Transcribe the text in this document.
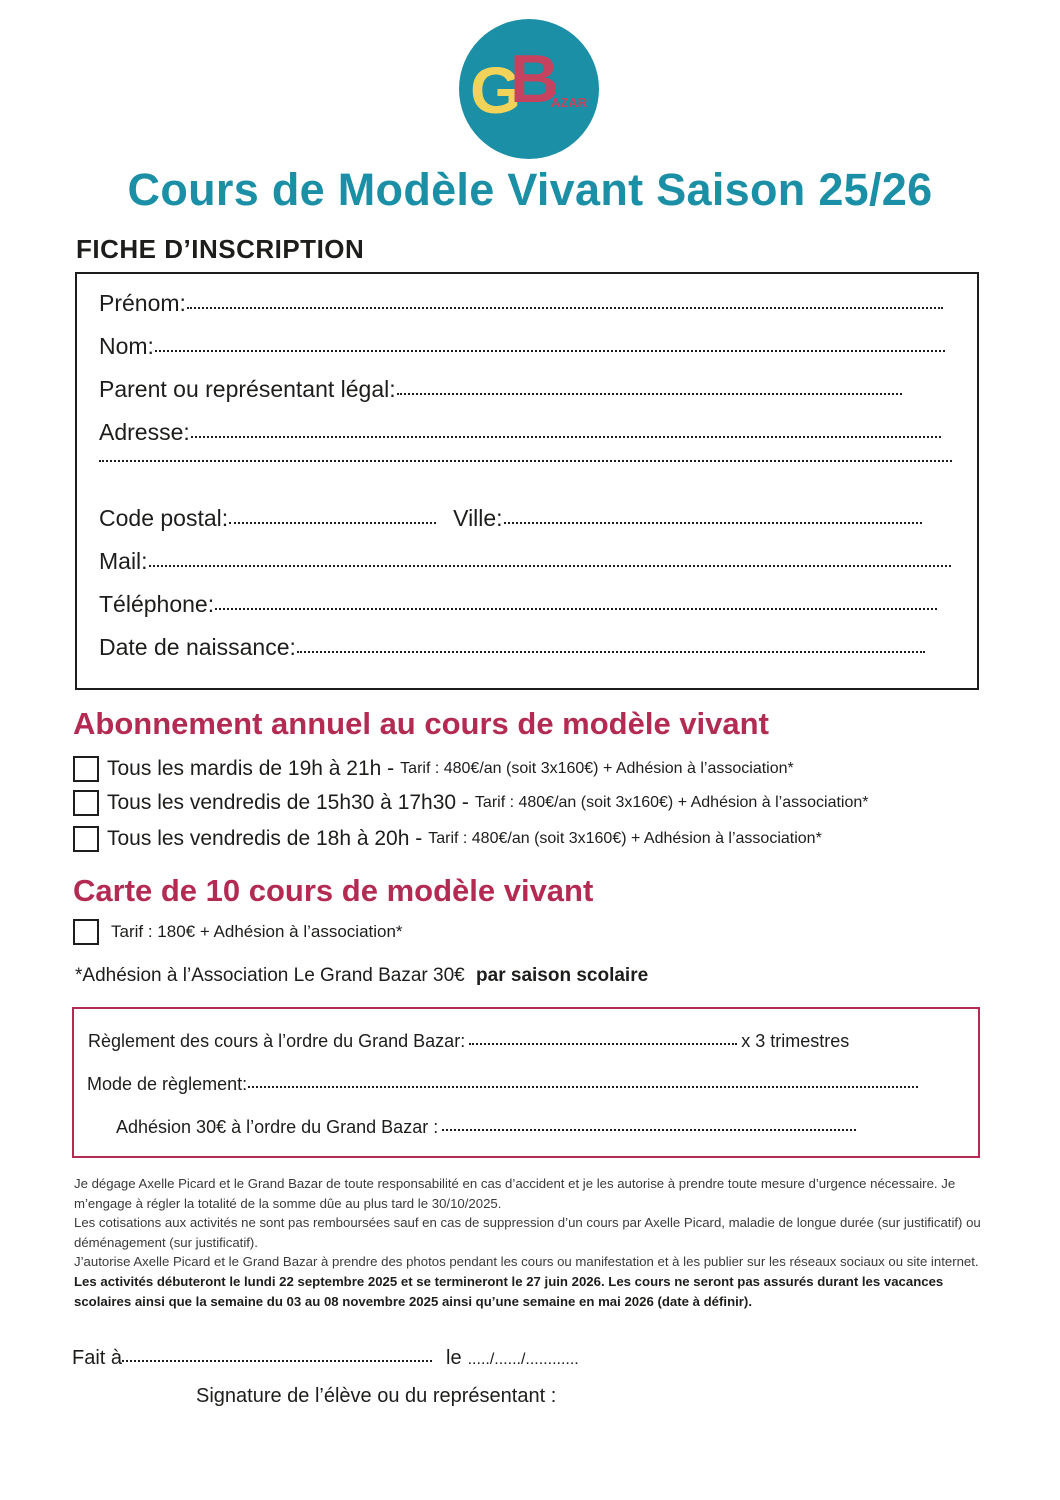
G
B
AZAR
Cours de Modèle Vivant Saison 25/26
FICHE D’INSCRIPTION
Prénom:
Nom:
Parent ou représentant légal:
Adresse:
Code postal:	Ville:
Mail:
Téléphone:
Date de naissance:
Abonnement annuel au cours de modèle vivant
Tous les mardis de 19h à 21h - Tarif : 480€/an (soit 3x160€) + Adhésion à l’association*
Tous les vendredis de 15h30 à 17h30 - Tarif : 480€/an (soit 3x160€) + Adhésion à l’association*
Tous les vendredis de 18h à 20h - Tarif : 480€/an (soit 3x160€) + Adhésion à l’association*
Carte de 10 cours de modèle vivant
Tarif : 180€ + Adhésion à l’association*
*Adhésion à l’Association Le Grand Bazar 30€ par saison scolaire
Règlement des cours à l’ordre du Grand Bazar:	x 3 trimestres
Mode de règlement:
Adhésion 30€ à l’ordre du Grand Bazar :

Je dégage Axelle Picard et le Grand Bazar de toute responsabilité en cas d’accident et je les autorise à prendre toute mesure d’urgence nécessaire. Je m’engage à régler la totalité de la somme dûe au plus tard le 30/10/2025.

Les cotisations aux activités ne sont pas remboursées sauf en cas de suppression d’un cours par Axelle Picard, maladie de longue durée (sur justificatif) ou déménagement (sur justificatif).

J’autorise Axelle Picard et le Grand Bazar à prendre des photos pendant les cours ou manifestation et à les publier sur les réseaux sociaux ou site internet.

Les activités débuteront le lundi 22 septembre 2025 et se termineront le 27 juin 2026. Les cours ne seront pas assurés durant les vacances scolaires ainsi que la semaine du 03 au 08 novembre 2025 ainsi qu’une semaine en mai 2026 (date à définir).

Fait à	le ...../....../............
Signature de l’élève ou du représentant :
